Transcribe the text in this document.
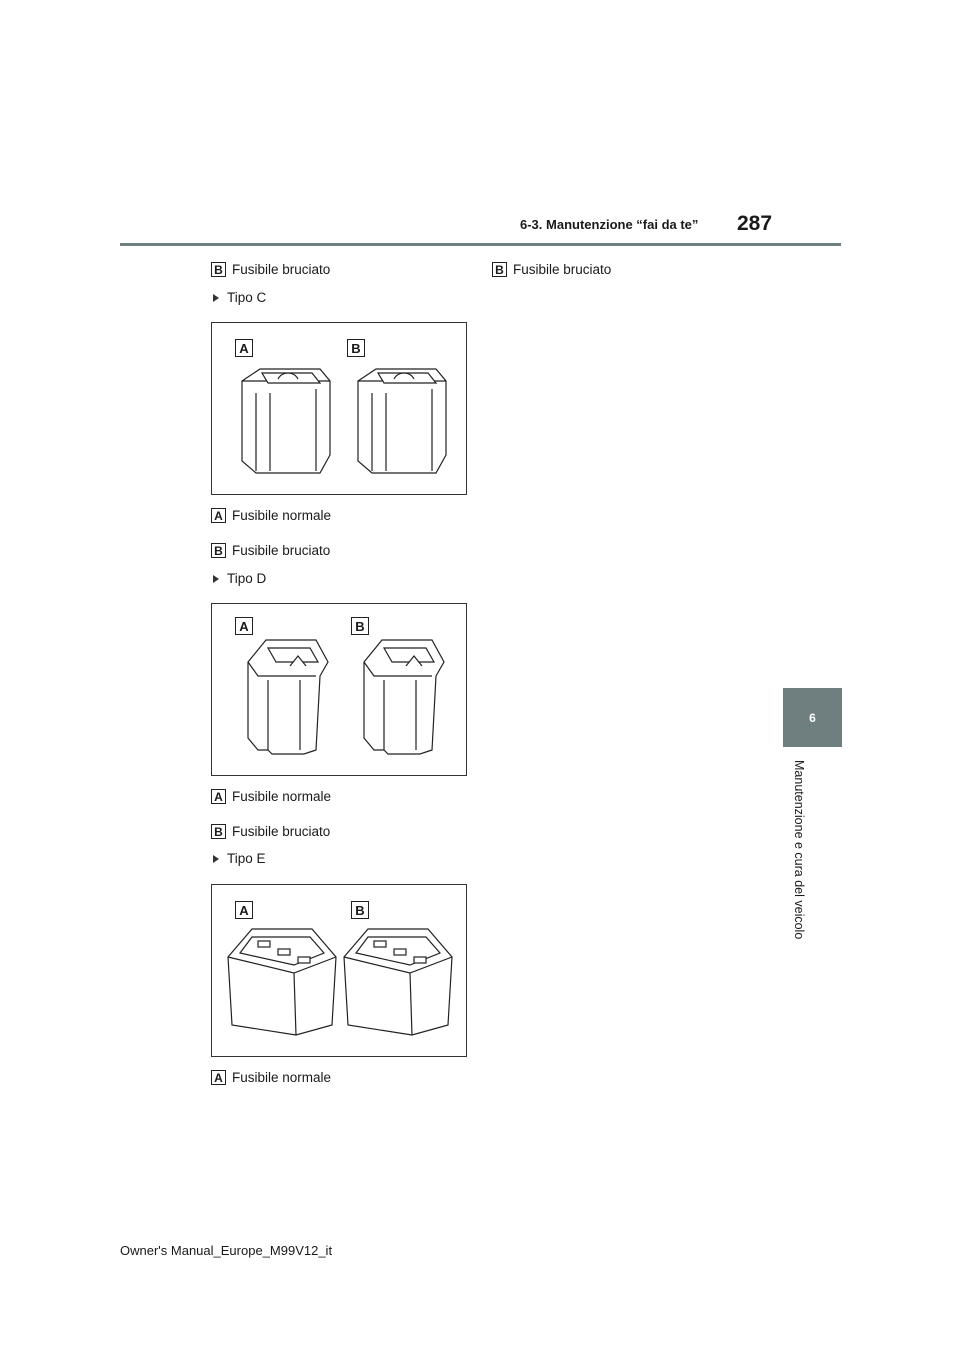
6-3. Manutenzione “fai da te” 287
6
Manutenzione e cura del veicolo
B Fusibile bruciato
Tipo C
A	B
A Fusibile normale
B Fusibile bruciato
Tipo D
A	B
A Fusibile normale
B Fusibile bruciato
Tipo E
A	B
A Fusibile normale
B Fusibile bruciato
Owner's Manual_Europe_M99V12_it
